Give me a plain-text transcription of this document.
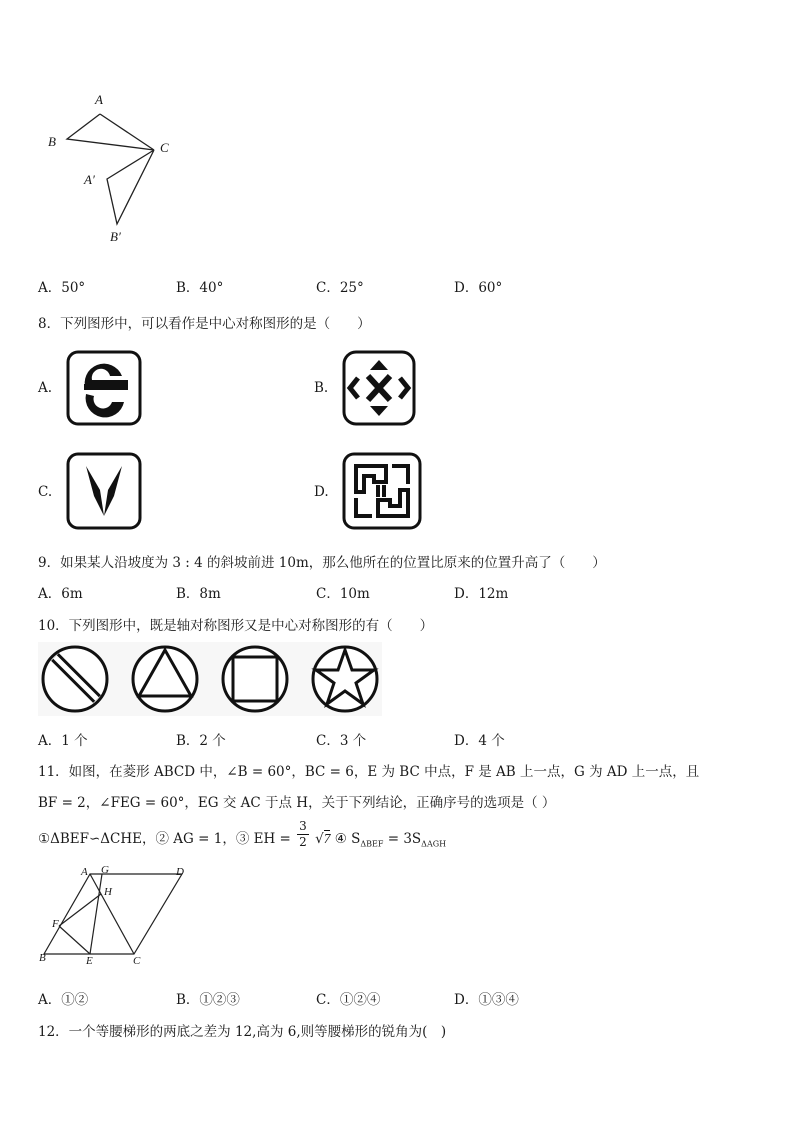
A
B	C
A′
B′
A．50°	B．40°	C．25°	D．60°
8．下列图形中，可以看作是中心对称图形的是（　　）
A.	B.
C.	D.
9．如果某人沿坡度为 3 : 4 的斜坡前进 10m，那么他所在的位置比原来的位置升高了（　　）
A．6m	B．8m	C．10m	D．12m
10．下列图形中，既是轴对称图形又是中心对称图形的有（　　）
A．1 个	B．2 个	C．3 个	D．4 个
11．如图，在菱形 ABCD 中，∠B = 60°，BC = 6，E 为 BC 中点，F 是 AB 上一点，G 为 AD 上一点，且
BF = 2，∠FEG = 60°，EG 交 AC 于点 H，关于下列结论，正确序号的选项是（ ）
①ΔBEF∽ΔCHE，② AG = 1，③ EH = $\frac{3}{2} √7$ ④ $S_{\Delta BEF} = 3S_{\Delta AGH}$
A G	D
H
F
B	E	C
A．①②	B．①②③	C．①②④	D．①③④
12．一个等腰梯形的两底之差为 12,高为 6,则等腰梯形的锐角为(　)
